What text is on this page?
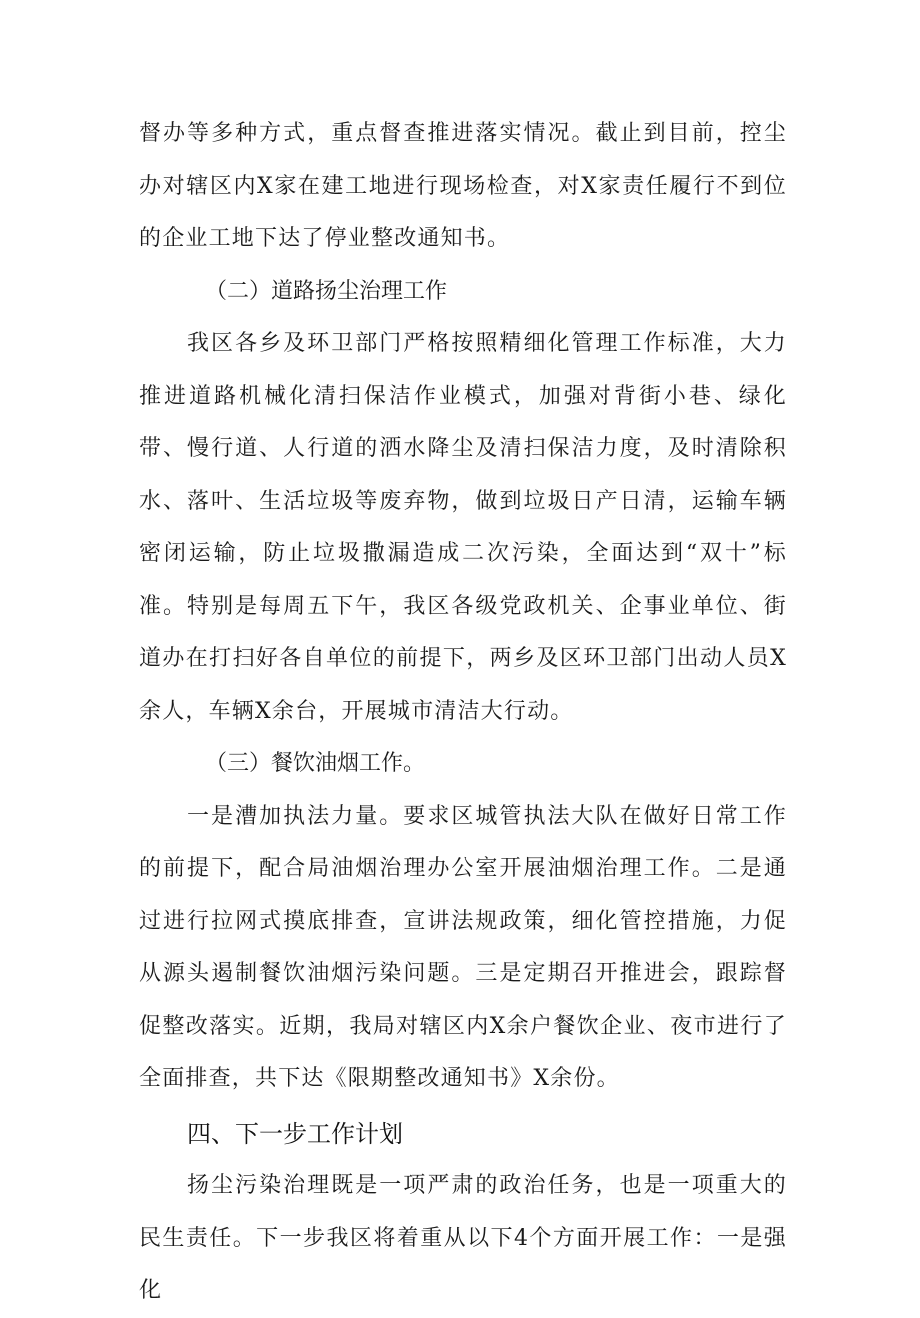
督办等多种方式，重点督查推进落实情况。截止到目前，控尘办对辖区内X家在建工地进行现场检查，对X家责任履行不到位的企业工地下达了停业整改通知书。

（二）道路扬尘治理工作

我区各乡及环卫部门严格按照精细化管理工作标准，大力推进道路机械化清扫保洁作业模式，加强对背街小巷、绿化带、慢行道、人行道的洒水降尘及清扫保洁力度，及时清除积水、落叶、生活垃圾等废弃物，做到垃圾日产日清，运输车辆密闭运输，防止垃圾撒漏造成二次污染，全面达到“双十”标准。特别是每周五下午，我区各级党政机关、企事业单位、街道办在打扫好各自单位的前提下，两乡及区环卫部门出动人员X余人，车辆X余台，开展城市清洁大行动。

（三）餐饮油烟工作。

一是漕加执法力量。要求区城管执法大队在做好日常工作的前提下，配合局油烟治理办公室开展油烟治理工作。二是通过进行拉网式摸底排查，宣讲法规政策，细化管控措施，力促从源头遏制餐饮油烟污染问题。三是定期召开推进会，跟踪督促整改落实。近期，我局对辖区内X余户餐饮企业、夜市进行了全面排查，共下达《限期整改通知书》X余份。

四、下一步工作计划

扬尘污染治理既是一项严肃的政治任务，也是一项重大的民生责任。下一步我区将着重从以下4个方面开展工作：一是强化
